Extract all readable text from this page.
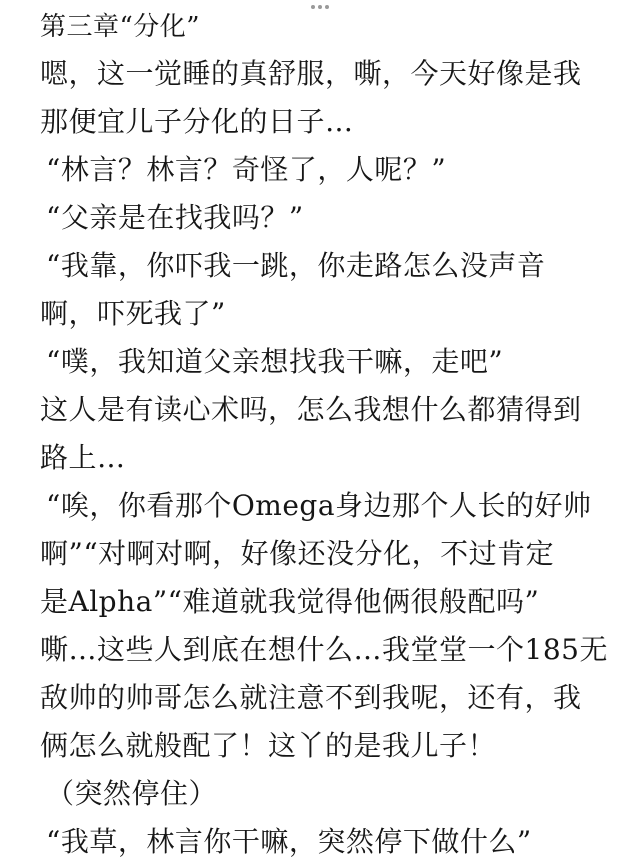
第三章“分化”
嗯，这一觉睡的真舒服，嘶，今天好像是我
那便宜儿子分化的日子…
“林言？林言？奇怪了，人呢？”
“父亲是在找我吗？”
“我靠，你吓我一跳，你走路怎么没声音
啊，吓死我了”
“噗，我知道父亲想找我干嘛，走吧”
这人是有读心术吗，怎么我想什么都猜得到
路上…
“唉，你看那个Omega身边那个人长的好帅
啊”“对啊对啊，好像还没分化，不过肯定
是Alpha”“难道就我觉得他俩很般配吗”
嘶…这些人到底在想什么…我堂堂一个185无
敌帅的帅哥怎么就注意不到我呢，还有，我
俩怎么就般配了！这丫的是我儿子！
（突然停住）
“我草，林言你干嘛，突然停下做什么”
